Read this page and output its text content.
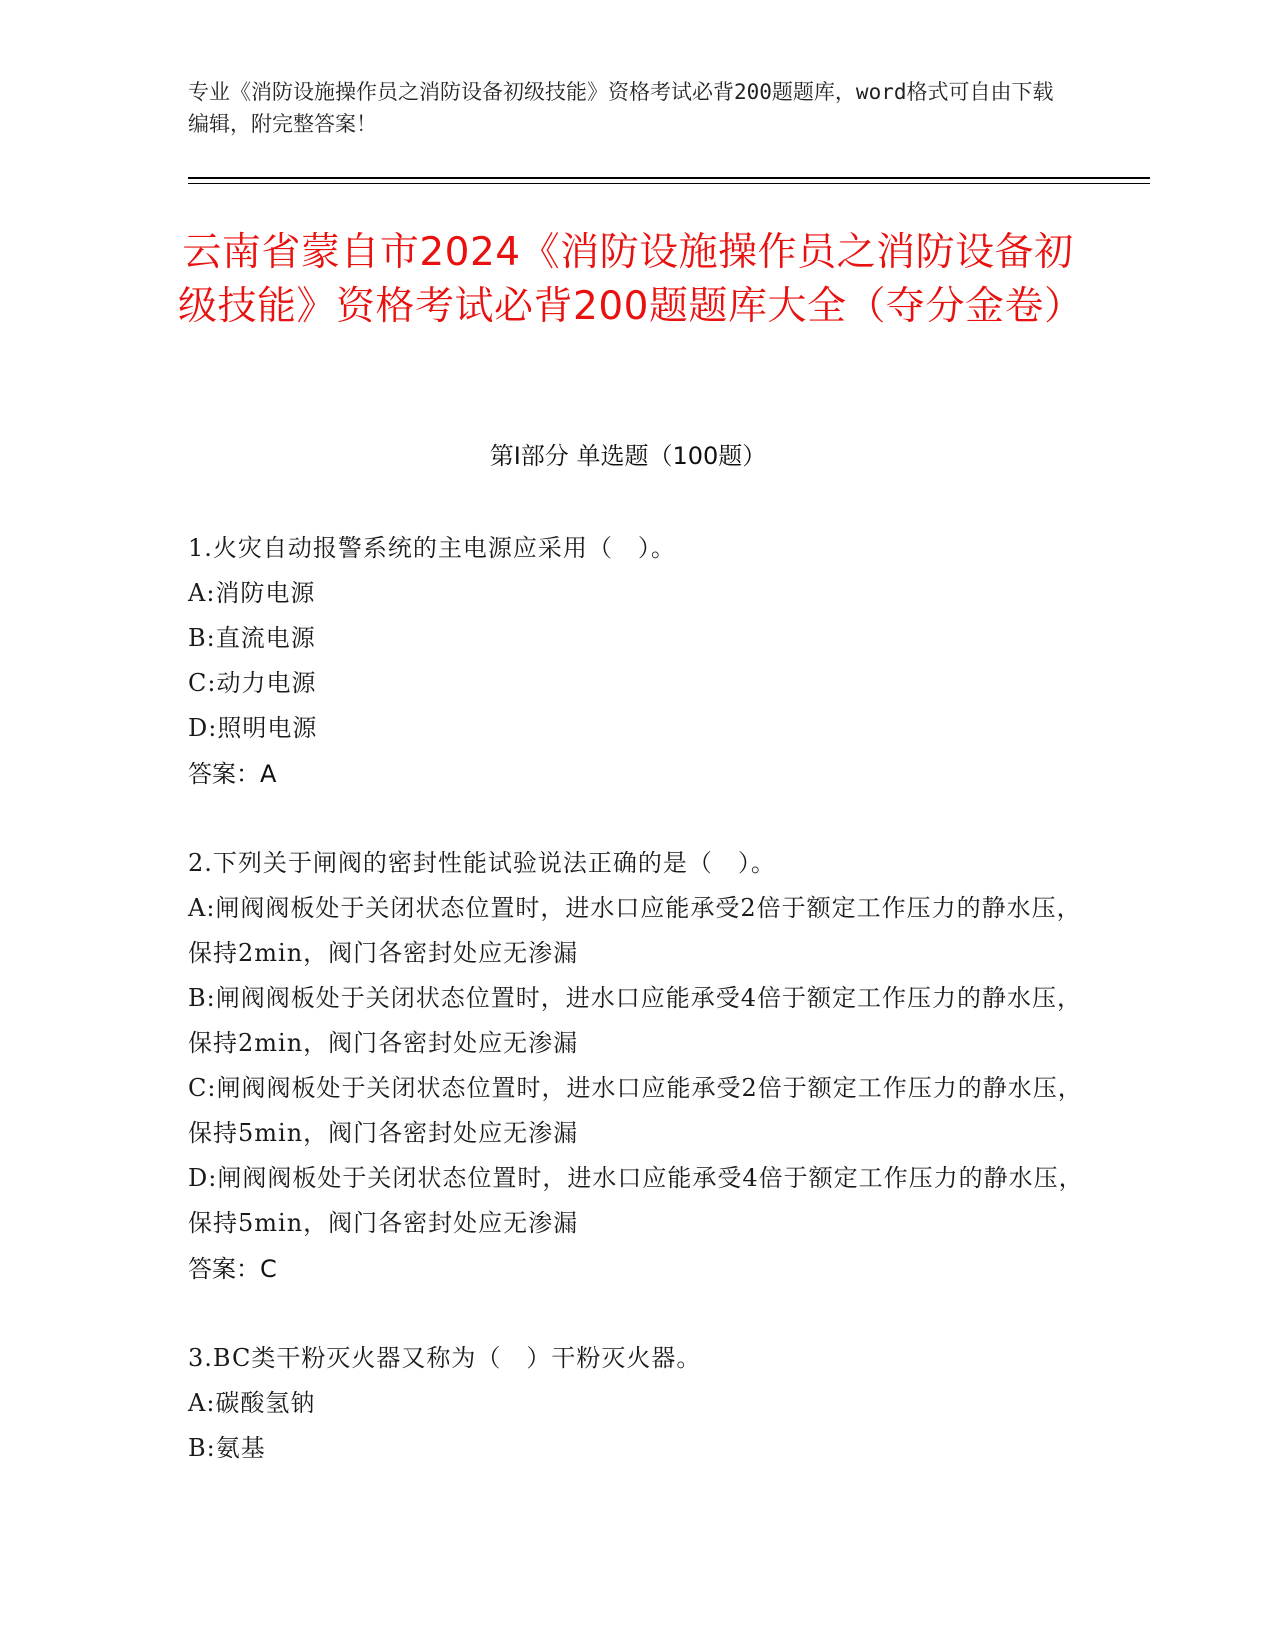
专业《消防设施操作员之消防设备初级技能》资格考试必背200题题库，word格式可自由下载编辑，附完整答案！
云南省蒙自市2024《消防设施操作员之消防设备初级技能》资格考试必背200题题库大全（夺分金卷）
第I部分 单选题（100题）
1.火灾自动报警系统的主电源应采用（　）。
A:消防电源
B:直流电源
C:动力电源
D:照明电源
答案：A
2.下列关于闸阀的密封性能试验说法正确的是（　）。
A:闸阀阀板处于关闭状态位置时，进水口应能承受2倍于额定工作压力的静水压，保持2min，阀门各密封处应无渗漏
B:闸阀阀板处于关闭状态位置时，进水口应能承受4倍于额定工作压力的静水压，保持2min，阀门各密封处应无渗漏
C:闸阀阀板处于关闭状态位置时，进水口应能承受2倍于额定工作压力的静水压，保持5min，阀门各密封处应无渗漏
D:闸阀阀板处于关闭状态位置时，进水口应能承受4倍于额定工作压力的静水压，保持5min，阀门各密封处应无渗漏
答案：C
3.BC类干粉灭火器又称为（　）干粉灭火器。
A:碳酸氢钠
B:氨基
